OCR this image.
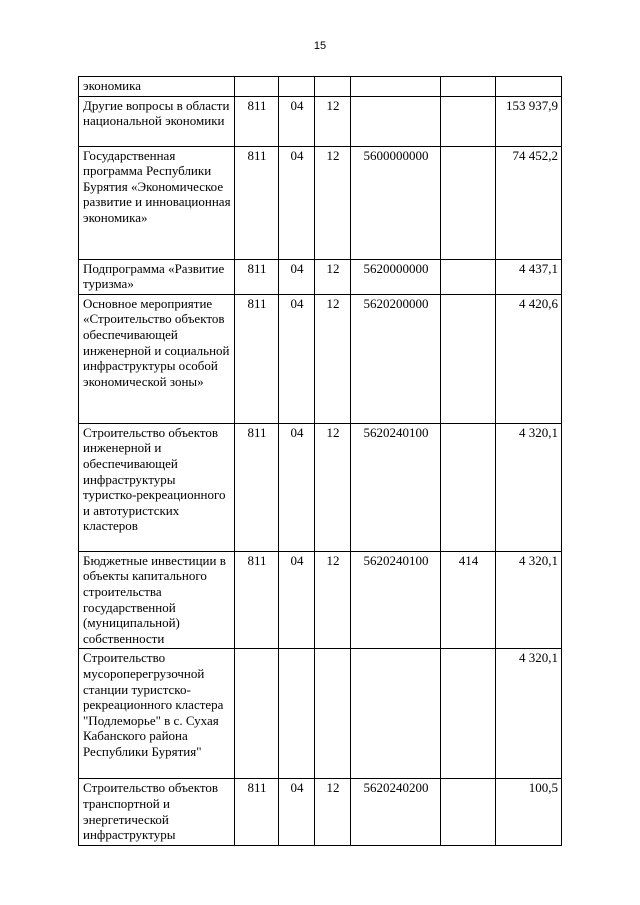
15
экономика						
Другие вопросы в области национальной экономики	811	04	12			153 937,9
Государственная программа Республики Бурятия «Экономическое развитие и инновационная экономика»	811	04	12	5600000000		74 452,2
Подпрограмма «Развитие туризма»	811	04	12	5620000000		4 437,1
Основное мероприятие «Строительство объектов обеспечивающей инженерной и социальной инфраструктуры особой экономической зоны»	811	04	12	5620200000		4 420,6
Строительство объектов инженерной и обеспечивающей инфраструктуры туристко-рекреационного и автотуристских кластеров	811	04	12	5620240100		4 320,1
Бюджетные инвестиции в объекты капитального строительства государственной (муниципальной) собственности	811	04	12	5620240100	414	4 320,1
Строительство мусороперегрузочной станции туристско-рекреационного кластера "Подлеморье" в с. Сухая Кабанского района Республики Бурятия"						4 320,1
Строительство объектов транспортной и энергетической инфраструктуры	811	04	12	5620240200		100,5
